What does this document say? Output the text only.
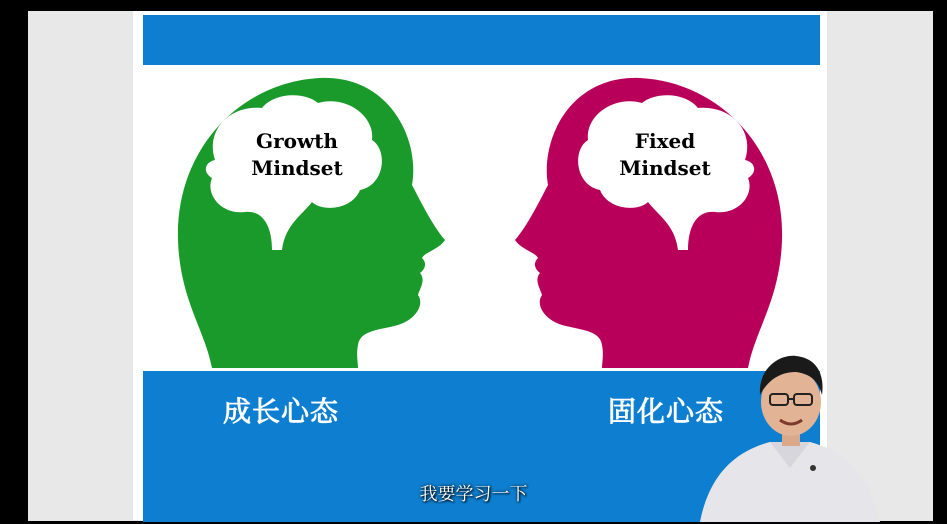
Growth
Mindset
Fixed
Mindset
成长心态	固化心态
我要学习一下
